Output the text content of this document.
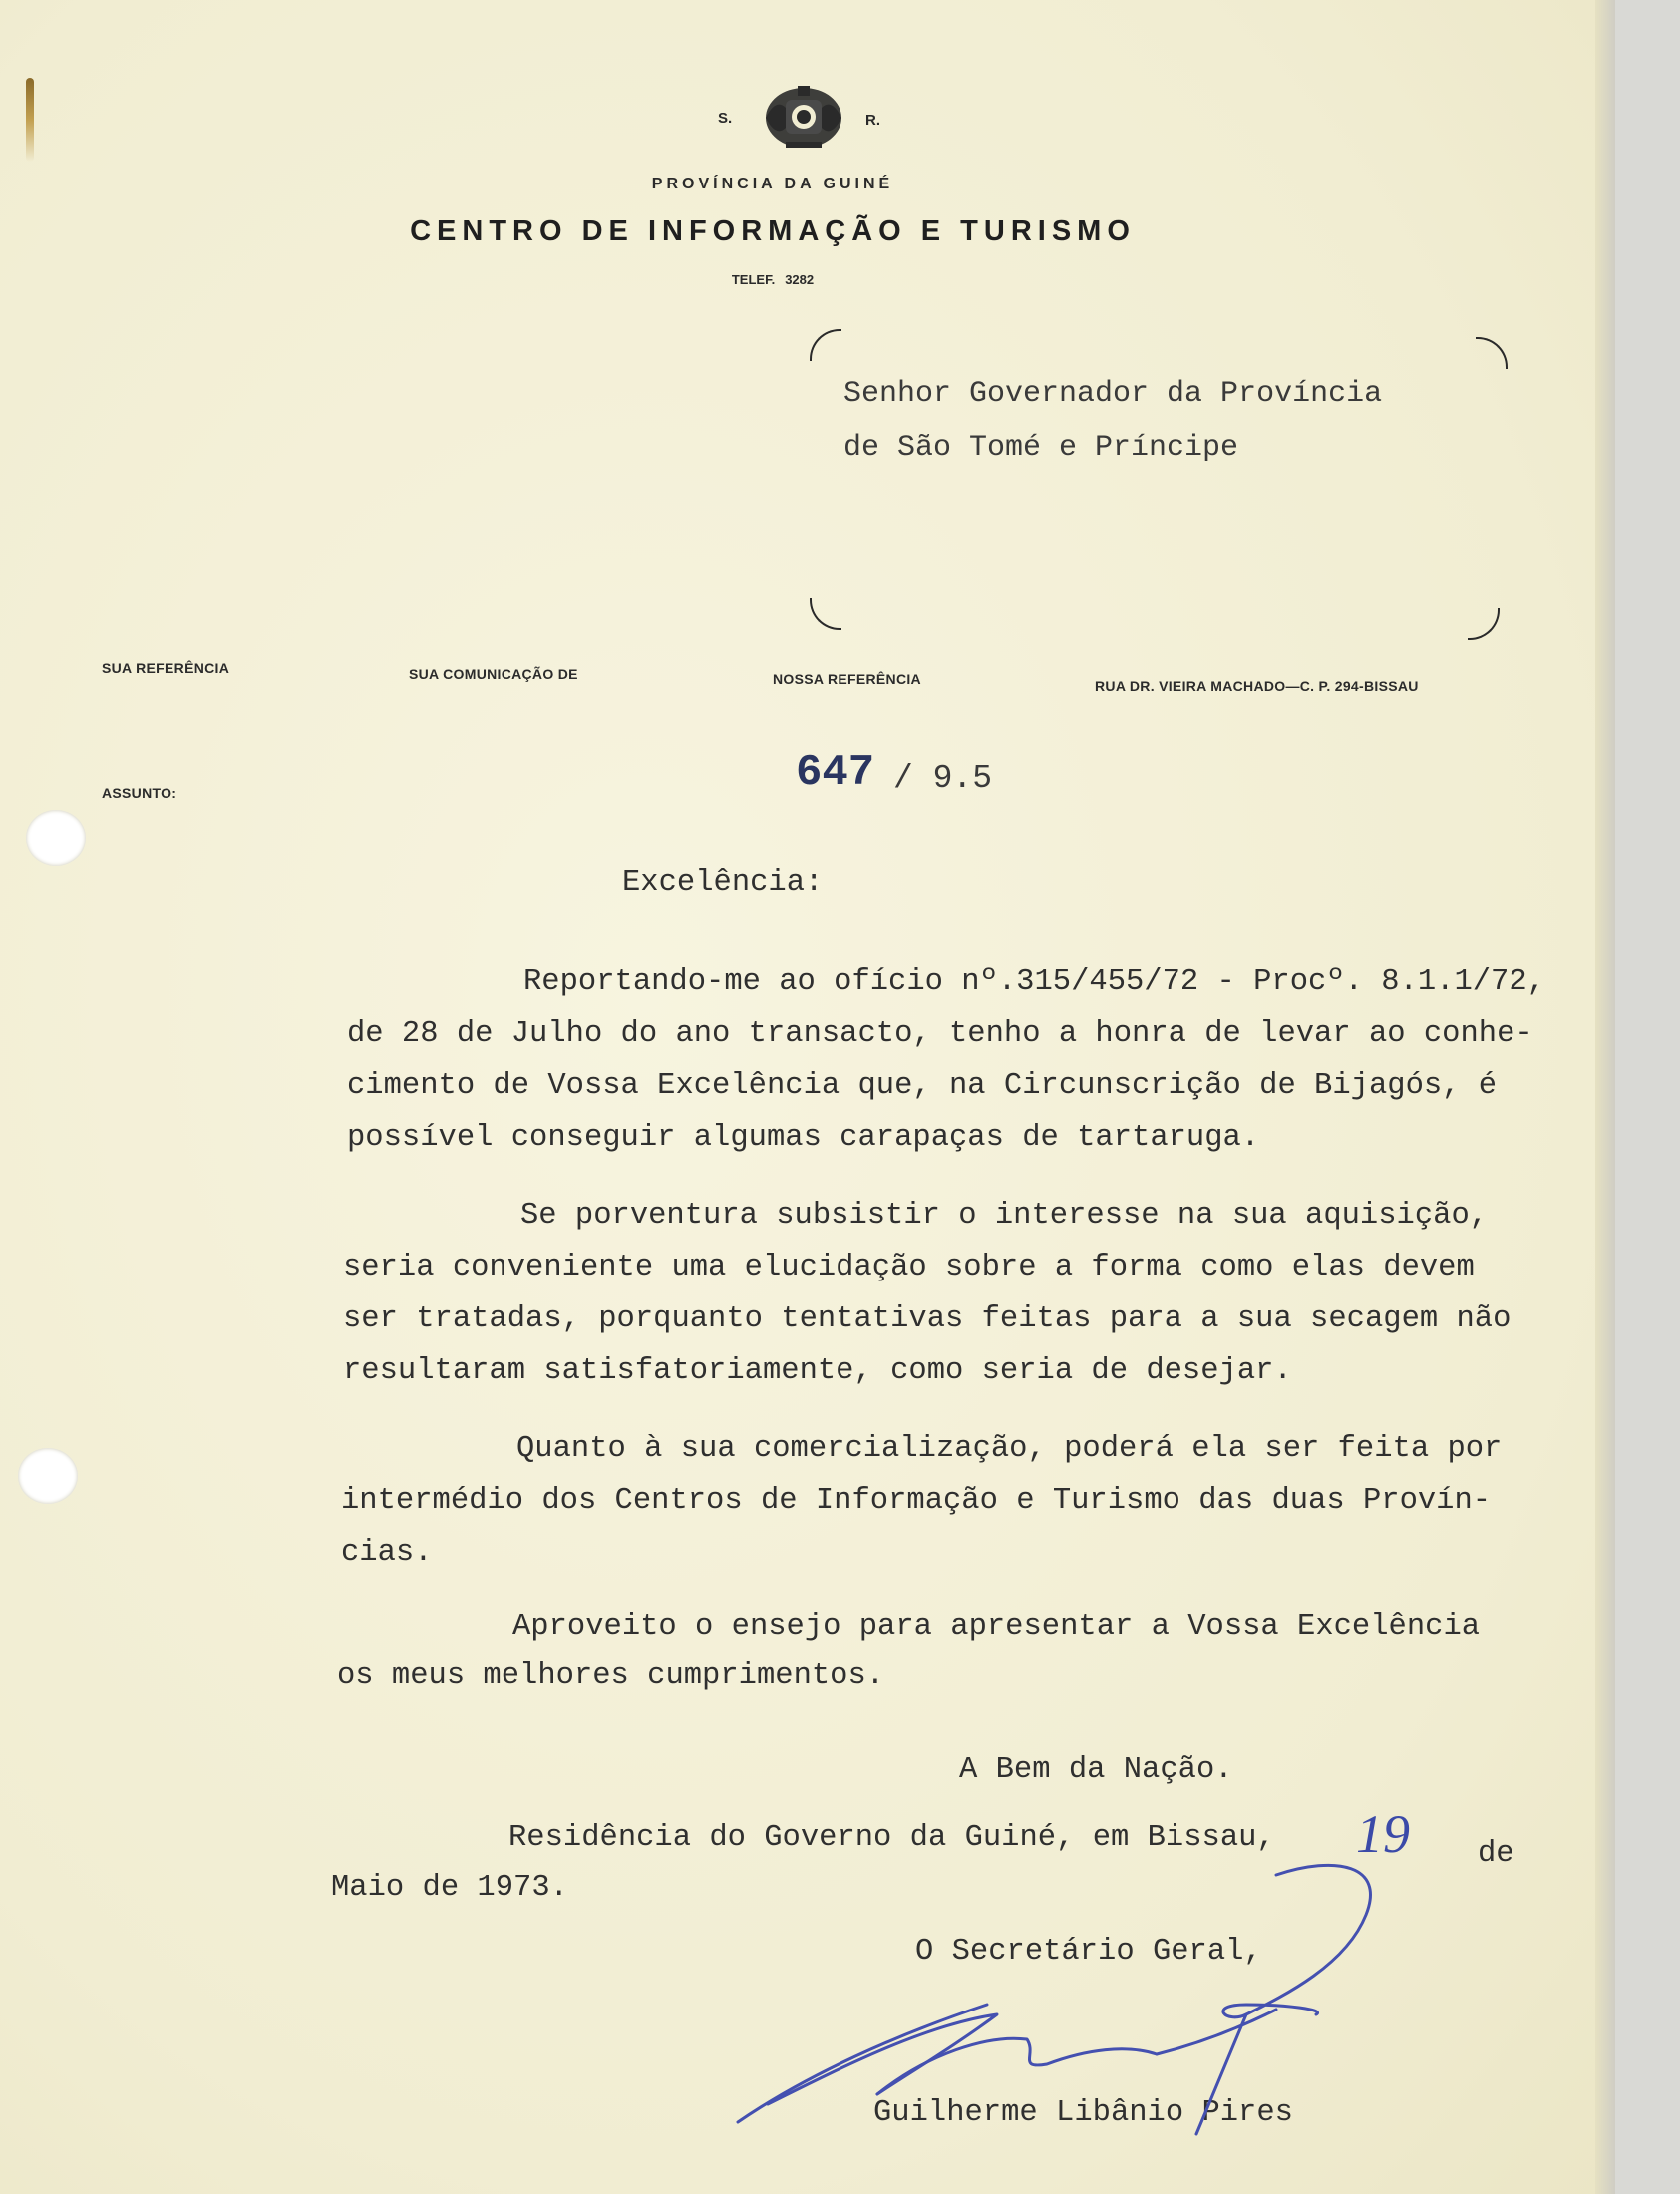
S.	R.

PROVÍNCIA DA GUINÉ

CENTRO DE INFORMAÇÃO E TURISMO

TELEF. 3282

Senhor Governador da Província

de São Tomé e Príncipe

SUA REFERÊNCIA	SUA COMUNICAÇÃO DE	NOSSA REFERÊNCIA	RUA DR. VIEIRA MACHADO—C. P. 294-BISSAU

ASSUNTO:	647 / 9.5

Excelência:

Reportando-me ao ofício nº.315/455/72 - Procº. 8.1.1/72,

de 28 de Julho do ano transacto, tenho a honra de levar ao conhe-

cimento de Vossa Excelência que, na Circunscrição de Bijagós, é

possível conseguir algumas carapaças de tartaruga.

Se porventura subsistir o interesse na sua aquisição,

seria conveniente uma elucidação sobre a forma como elas devem

ser tratadas, porquanto tentativas feitas para a sua secagem não

resultaram satisfatoriamente, como seria de desejar.

Quanto à sua comercialização, poderá ela ser feita por

intermédio dos Centros de Informação e Turismo das duas Provín-

cias.

Aproveito o ensejo para apresentar a Vossa Excelência

os meus melhores cumprimentos.

A Bem da Nação.

Residência do Governo da Guiné, em Bissau, 19 de

Maio de 1973.

O Secretário Geral,

Guilherme Libânio Pires
